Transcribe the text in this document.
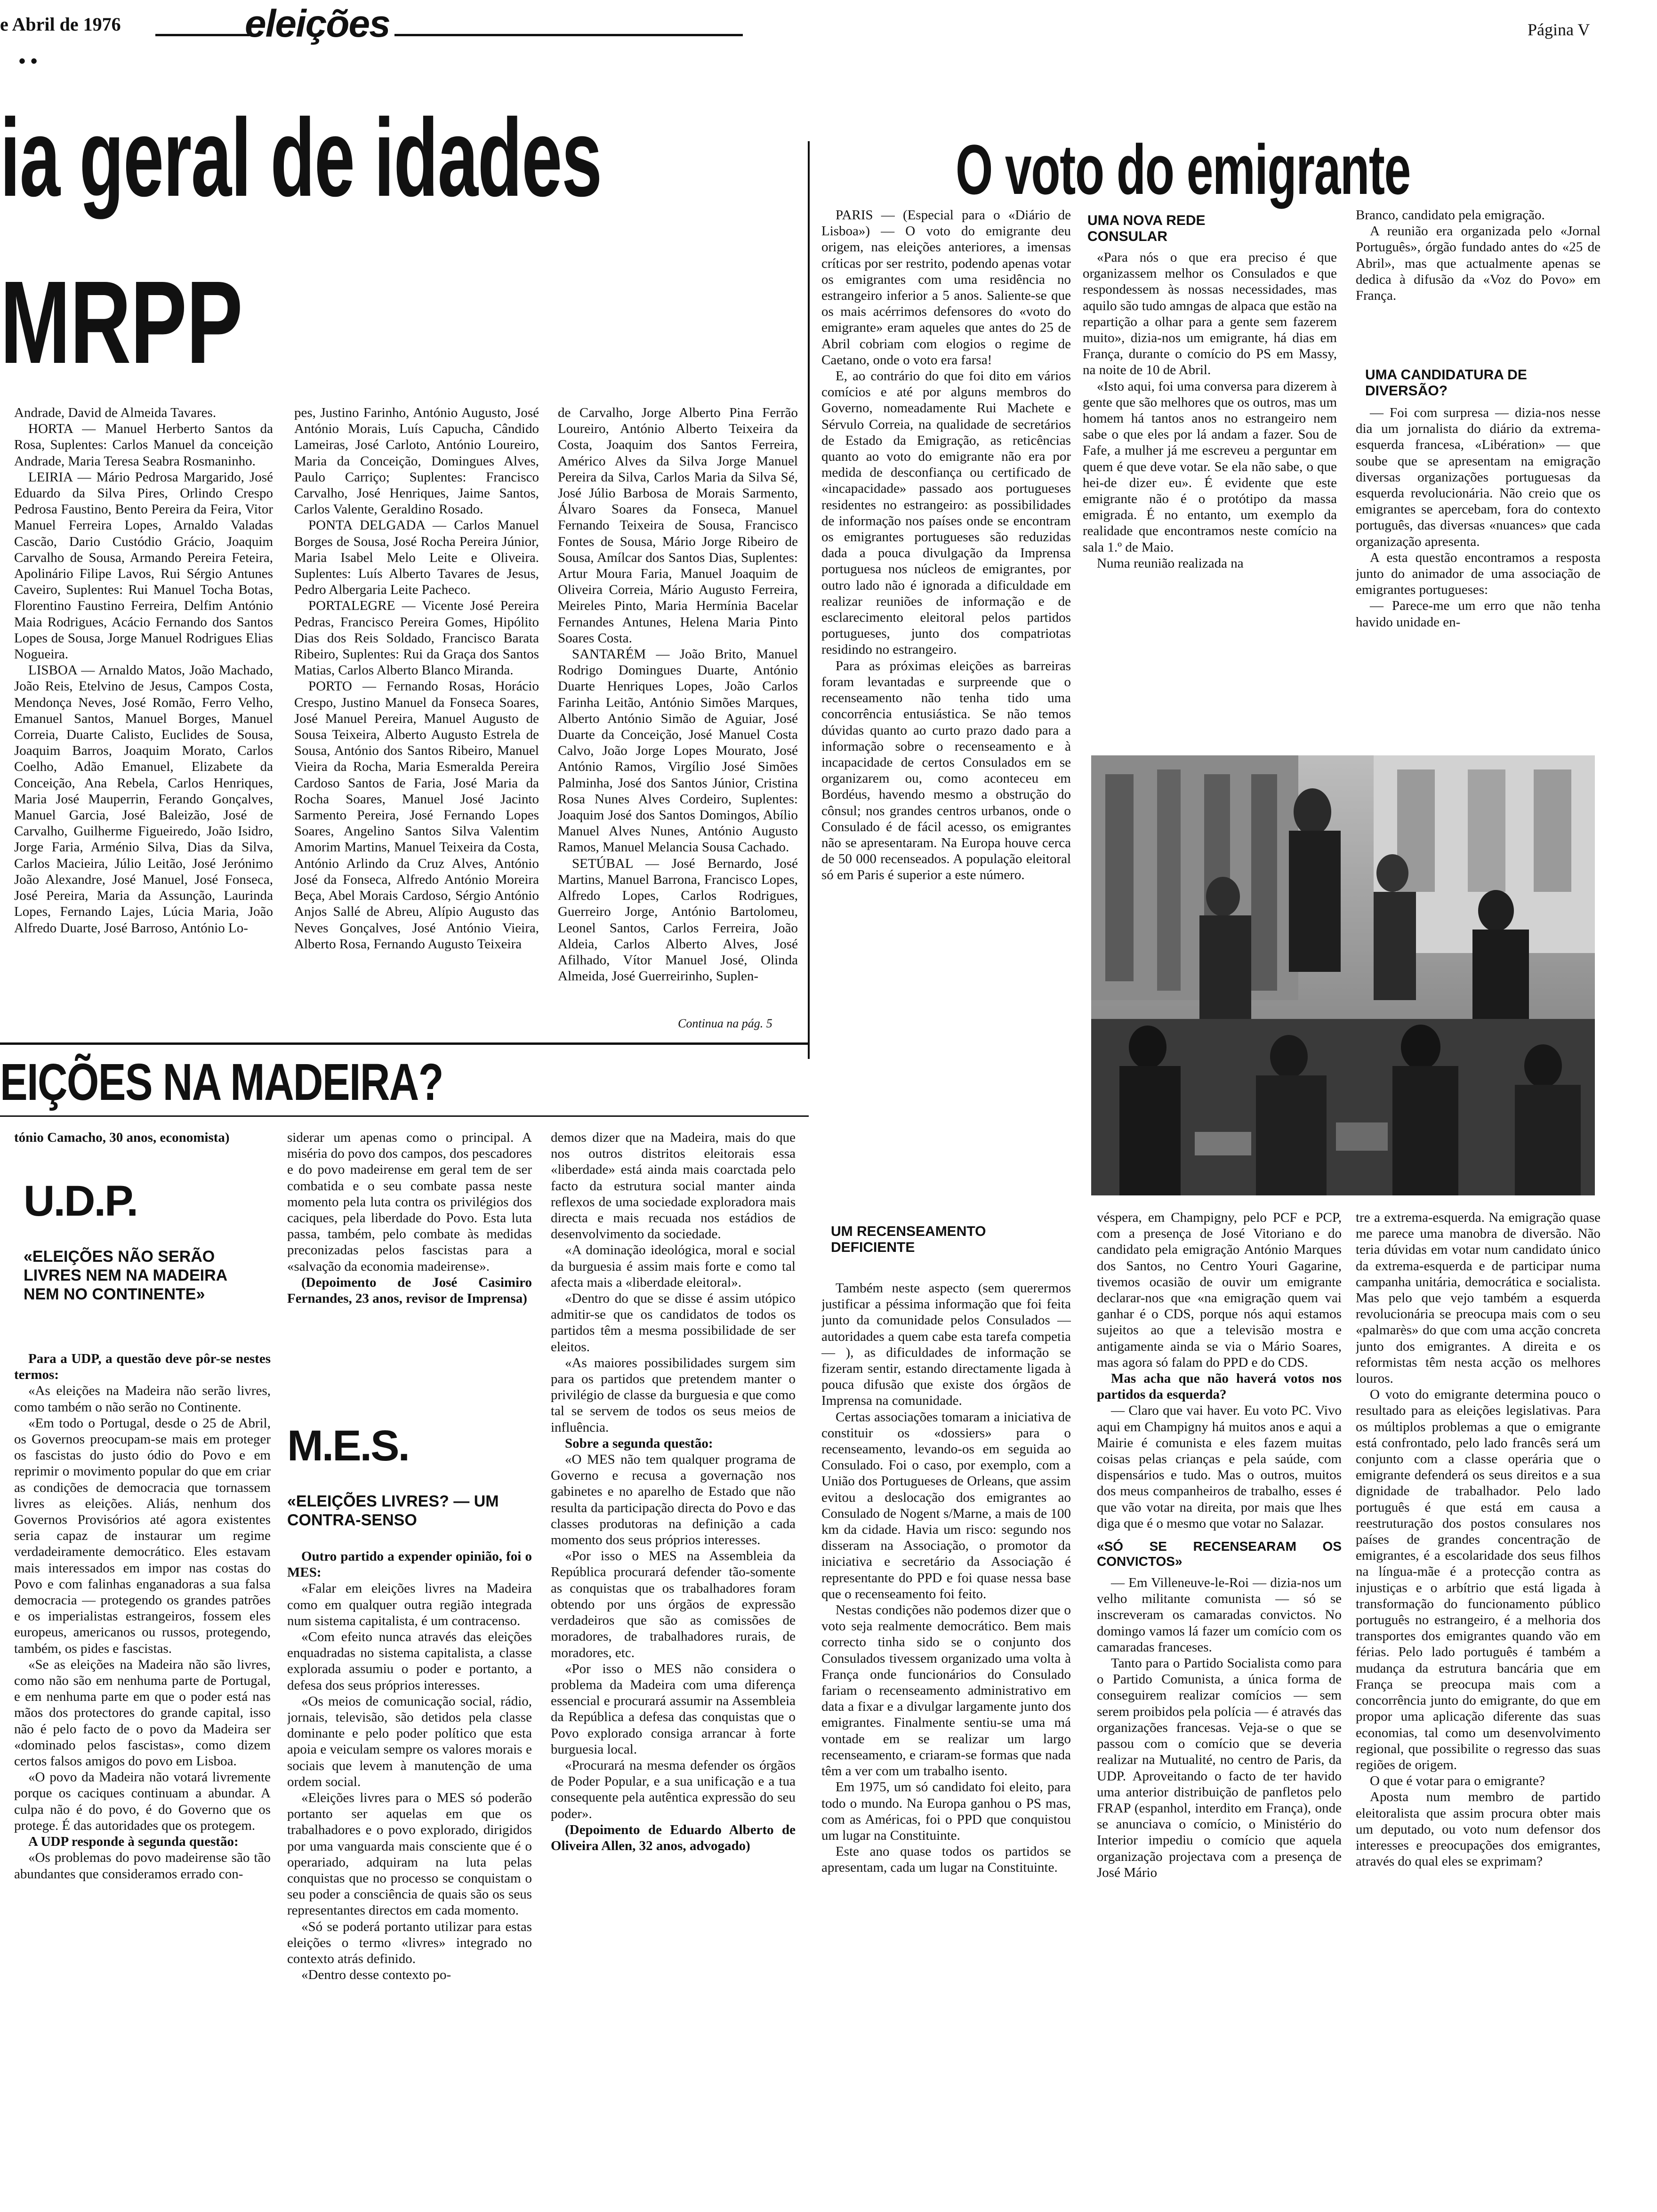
e Abril de 1976	eleições	Página V
• •
ia geral de idades
MRPP

Andrade, David de Almeida Tavares.

HORTA — Manuel Herberto Santos da Rosa, Suplentes: Carlos Manuel da conceição Andrade, Maria Teresa Seabra Rosmaninho.

LEIRIA — Mário Pedrosa Margarido, José Eduardo da Silva Pires, Orlindo Crespo Pedrosa Faustino, Bento Pereira da Feira, Vitor Manuel Ferreira Lopes, Arnaldo Valadas Cascão, Dario Custódio Grácio, Joaquim Carvalho de Sousa, Armando Pereira Feteira, Apolinário Filipe Lavos, Rui Sérgio Antunes Caveiro, Suplentes: Rui Manuel Tocha Botas, Florentino Faustino Ferreira, Delfim António Maia Rodrigues, Acácio Fernando dos Santos Lopes de Sousa, Jorge Manuel Rodrigues Elias Nogueira.

LISBOA — Arnaldo Matos, João Machado, João Reis, Etelvino de Jesus, Campos Costa, Mendonça Neves, José Romão, Ferro Velho, Emanuel Santos, Manuel Borges, Manuel Correia, Duarte Calisto, Euclides de Sousa, Joaquim Barros, Joaquim Morato, Carlos Coelho, Adão Emanuel, Elizabete da Conceição, Ana Rebela, Carlos Henriques, Maria José Mauperrin, Ferando Gonçalves, Manuel Garcia, José Baleizão, José de Carvalho, Guilherme Figueiredo, João Isidro, Jorge Faria, Arménio Silva, Dias da Silva, Carlos Macieira, Júlio Leitão, José Jerónimo João Alexandre, José Manuel, José Fonseca, José Pereira, Maria da Assunção, Laurinda Lopes, Fernando Lajes, Lúcia Maria, João Alfredo Duarte, José Barroso, António Lo-

pes, Justino Farinho, António Augusto, José António Morais, Luís Capucha, Cândido Lameiras, José Carloto, António Loureiro, Maria da Conceição, Domingues Alves, Paulo Carriço; Suplentes: Francisco Carvalho, José Henriques, Jaime Santos, Carlos Valente, Geraldino Rosado.

PONTA DELGADA — Carlos Manuel Borges de Sousa, José Rocha Pereira Júnior, Maria Isabel Melo Leite e Oliveira. Suplentes: Luís Alberto Tavares de Jesus, Pedro Albergaria Leite Pacheco.

PORTALEGRE — Vicente José Pereira Pedras, Francisco Pereira Gomes, Hipólito Dias dos Reis Soldado, Francisco Barata Ribeiro, Suplentes: Rui da Graça dos Santos Matias, Carlos Alberto Blanco Miranda.

PORTO — Fernando Rosas, Horácio Crespo, Justino Manuel da Fonseca Soares, José Manuel Pereira, Manuel Augusto de Sousa Teixeira, Alberto Augusto Estrela de Sousa, António dos Santos Ribeiro, Manuel Vieira da Rocha, Maria Esmeralda Pereira Cardoso Santos de Faria, José Maria da Rocha Soares, Manuel José Jacinto Sarmento Pereira, José Fernando Lopes Soares, Angelino Santos Silva Valentim Amorim Martins, Manuel Teixeira da Costa, António Arlindo da Cruz Alves, António José da Fonseca, Alfredo António Moreira Beça, Abel Morais Cardoso, Sérgio António Anjos Sallé de Abreu, Alípio Augusto das Neves Gonçalves, José António Vieira, Alberto Rosa, Fernando Augusto Teixeira

de Carvalho, Jorge Alberto Pina Ferrão Loureiro, António Alberto Teixeira da Costa, Joaquim dos Santos Ferreira, Américo Alves da Silva Jorge Manuel Pereira da Silva, Carlos Maria da Silva Sé, José Júlio Barbosa de Morais Sarmento, Álvaro Soares da Fonseca, Manuel Fernando Teixeira de Sousa, Francisco Fontes de Sousa, Mário Jorge Ribeiro de Sousa, Amílcar dos Santos Dias, Suplentes: Artur Moura Faria, Manuel Joaquim de Oliveira Correia, Mário Augusto Ferreira, Meireles Pinto, Maria Hermínia Bacelar Fernandes Antunes, Helena Maria Pinto Soares Costa.

SANTARÉM — João Brito, Manuel Rodrigo Domingues Duarte, António Duarte Henriques Lopes, João Carlos Farinha Leitão, António Simões Marques, Alberto António Simão de Aguiar, José Duarte da Conceição, José Manuel Costa Calvo, João Jorge Lopes Mourato, José António Ramos, Virgílio José Simões Palminha, José dos Santos Júnior, Cristina Rosa Nunes Alves Cordeiro, Suplentes: Joaquim José dos Santos Domingos, Abílio Manuel Alves Nunes, António Augusto Ramos, Manuel Melancia Sousa Cachado.

SETÚBAL — José Bernardo, José Martins, Manuel Barrona, Francisco Lopes, Alfredo Lopes, Carlos Rodrigues, Guerreiro Jorge, António Bartolomeu, Leonel Santos, Carlos Ferreira, João Aldeia, Carlos Alberto Alves, José Afilhado, Vítor Manuel José, Olinda Almeida, José Guerreirinho, Suplen-

Continua na pág. 5
EIÇÕES NA MADEIRA?

tónio Camacho, 30 anos, economista)

U.D.P.
«ELEIÇÕES NÃO SERÃO LIVRES NEM NA MADEIRA NEM NO CONTINENTE»

Para a UDP, a questão deve pôr-se nestes termos:

«As eleições na Madeira não serão livres, como também o não serão no Continente.

«Em todo o Portugal, desde o 25 de Abril, os Governos preocupam-se mais em proteger os fascistas do justo ódio do Povo e em reprimir o movimento popular do que em criar as condições de democracia que tornassem livres as eleições. Aliás, nenhum dos Governos Provisórios até agora existentes seria capaz de instaurar um regime verdadeiramente democrático. Eles estavam mais interessados em impor nas costas do Povo e com falinhas enganadoras a sua falsa democracia — protegendo os grandes patrões e os imperialistas estrangeiros, fossem eles europeus, americanos ou russos, protegendo, também, os pides e fascistas.

«Se as eleições na Madeira não são livres, como não são em nenhuma parte de Portugal, e em nenhuma parte em que o poder está nas mãos dos protectores do grande capital, isso não é pelo facto de o povo da Madeira ser «dominado pelos fascistas», como dizem certos falsos amigos do povo em Lisboa.

«O povo da Madeira não votará livremente porque os caciques continuam a abundar. A culpa não é do povo, é do Governo que os protege. É das autoridades que os protegem.

A UDP responde à segunda questão:

«Os problemas do povo madeirense são tão abundantes que consideramos errado con-

siderar um apenas como o principal. A miséria do povo dos campos, dos pescadores e do povo madeirense em geral tem de ser combatida e o seu combate passa neste momento pela luta contra os privilégios dos caciques, pela liberdade do Povo. Esta luta passa, também, pelo combate às medidas preconizadas pelos fascistas para a «salvação da economia madeirense».

(Depoimento de José Casimiro Fernandes, 23 anos, revisor de Imprensa)

M.E.S.
«ELEIÇÕES LIVRES? — UM CONTRA-SENSO

Outro partido a expender opinião, foi o MES:

«Falar em eleições livres na Madeira como em qualquer outra região integrada num sistema capitalista, é um contracenso.

«Com efeito nunca através das eleições enquadradas no sistema capitalista, a classe explorada assumiu o poder e portanto, a defesa dos seus próprios interesses.

«Os meios de comunicação social, rádio, jornais, televisão, são detidos pela classe dominante e pelo poder político que esta apoia e veiculam sempre os valores morais e sociais que levem à manutenção de uma ordem social.

«Eleições livres para o MES só poderão portanto ser aquelas em que os trabalhadores e o povo explorado, dirigidos por uma vanguarda mais consciente que é o operariado, adquiram na luta pelas conquistas que no processo se conquistam o seu poder a consciência de quais são os seus representantes directos em cada momento.

«Só se poderá portanto utilizar para estas eleições o termo «livres» integrado no contexto atrás definido.

«Dentro desse contexto po-

demos dizer que na Madeira, mais do que nos outros distritos eleitorais essa «liberdade» está ainda mais coarctada pelo facto da estrutura social manter ainda reflexos de uma sociedade exploradora mais directa e mais recuada nos estádios de desenvolvimento da sociedade.

«A dominação ideológica, moral e social da burguesia é assim mais forte e como tal afecta mais a «liberdade eleitoral».

«Dentro do que se disse é assim utópico admitir-se que os candidatos de todos os partidos têm a mesma possibilidade de ser eleitos.

«As maiores possibilidades surgem sim para os partidos que pretendem manter o privilégio de classe da burguesia e que como tal se servem de todos os seus meios de influência.

Sobre a segunda questão:

«O MES não tem qualquer programa de Governo e recusa a governação nos gabinetes e no aparelho de Estado que não resulta da participação directa do Povo e das classes produtoras na definição a cada momento dos seus próprios interesses.

«Por isso o MES na Assembleia da República procurará defender tão-somente as conquistas que os trabalhadores foram obtendo por uns órgãos de expressão verdadeiros que são as comissões de moradores, de trabalhadores rurais, de moradores, etc.

«Por isso o MES não considera o problema da Madeira com uma diferença essencial e procurará assumir na Assembleia da República a defesa das conquistas que o Povo explorado consiga arrancar à forte burguesia local.

«Procurará na mesma defender os órgãos de Poder Popular, e a sua unificação e a tua consequente pela autêntica expressão do seu poder».

(Depoimento de Eduardo Alberto de Oliveira Allen, 32 anos, advogado)

O voto do emigrante

PARIS — (Especial para o «Diário de Lisboa») — O voto do emigrante deu origem, nas eleições anteriores, a imensas críticas por ser restrito, podendo apenas votar os emigrantes com uma residência no estrangeiro inferior a 5 anos. Saliente-se que os mais acérrimos defensores do «voto do emigrante» eram aqueles que antes do 25 de Abril cobriam com elogios o regime de Caetano, onde o voto era farsa!

E, ao contrário do que foi dito em vários comícios e até por alguns membros do Governo, nomeadamente Rui Machete e Sérvulo Correia, na qualidade de secretários de Estado da Emigração, as reticências quanto ao voto do emigrante não era por medida de desconfiança ou certificado de «incapacidade» passado aos portugueses residentes no estrangeiro: as possibilidades de informação nos países onde se encontram os emigrantes portugueses são reduzidas dada a pouca divulgação da Imprensa portuguesa nos núcleos de emigrantes, por outro lado não é ignorada a dificuldade em realizar reuniões de informação e de esclarecimento eleitoral pelos partidos portugueses, junto dos compatriotas residindo no estrangeiro.

Para as próximas eleições as barreiras foram levantadas e surpreende que o recenseamento não tenha tido uma concorrência entusiástica. Se não temos dúvidas quanto ao curto prazo dado para a informação sobre o recenseamento e à incapacidade de certos Consulados em se organizarem ou, como aconteceu em Bordéus, havendo mesmo a obstrução do cônsul; nos grandes centros urbanos, onde o Consulado é de fácil acesso, os emigrantes não se apresentaram. Na Europa houve cerca de 50 000 recenseados. A população eleitoral só em Paris é superior a este número.

UM RECENSEAMENTO DEFICIENTE

Também neste aspecto (sem querermos justificar a péssima informação que foi feita junto da comunidade pelos Consulados — autoridades a quem cabe esta tarefa competia — ), as dificuldades de informação se fizeram sentir, estando directamente ligada à pouca difusão que existe dos órgãos de Imprensa na comunidade.

Certas associações tomaram a iniciativa de constituir os «dossiers» para o recenseamento, levando-os em seguida ao Consulado. Foi o caso, por exemplo, com a União dos Portugueses de Orleans, que assim evitou a deslocação dos emigrantes ao Consulado de Nogent s/Marne, a mais de 100 km da cidade. Havia um risco: segundo nos disseram na Associação, o promotor da iniciativa e secretário da Associação é representante do PPD e foi quase nessa base que o recenseamento foi feito.

Nestas condições não podemos dizer que o voto seja realmente democrático. Bem mais correcto tinha sido se o conjunto dos Consulados tivessem organizado uma volta à França onde funcionários do Consulado fariam o recenseamento administrativo em data a fixar e a divulgar largamente junto dos emigrantes. Finalmente sentiu-se uma má vontade em se realizar um largo recenseamento, e criaram-se formas que nada têm a ver com um trabalho isento.

Em 1975, um só candidato foi eleito, para todo o mundo. Na Europa ganhou o PS mas, com as Américas, foi o PPD que conquistou um lugar na Constituinte.

Este ano quase todos os partidos se apresentam, cada um lugar na Constituinte.

UMA NOVA REDE CONSULAR

«Para nós o que era preciso é que organizassem melhor os Consulados e que respondessem às nossas necessidades, mas aquilo são tudo amngas de alpaca que estão na repartição a olhar para a gente sem fazerem muito», dizia-nos um emigrante, há dias em França, durante o comício do PS em Massy, na noite de 10 de Abril.

«Isto aqui, foi uma conversa para dizerem à gente que são melhores que os outros, mas um homem há tantos anos no estrangeiro nem sabe o que eles por lá andam a fazer. Sou de Fafe, a mulher já me escreveu a perguntar em quem é que deve votar. Se ela não sabe, o que hei-de dizer eu». É evidente que este emigrante não é o protótipo da massa emigrada. É no entanto, um exemplo da realidade que encontramos neste comício na sala 1.º de Maio.

Numa reunião realizada na

Branco, candidato pela emigração.

A reunião era organizada pelo «Jornal Português», órgão fundado antes do «25 de Abril», mas que actualmente apenas se dedica à difusão da «Voz do Povo» em França.

UMA CANDIDATURA DE DIVERSÃO?

— Foi com surpresa — dizia-nos nesse dia um jornalista do diário da extrema-esquerda francesa, «Libération» — que soube que se apresentam na emigração diversas organizações portuguesas da esquerda revolucionária. Não creio que os emigrantes se apercebam, fora do contexto português, das diversas «nuances» que cada organização apresenta.

A esta questão encontramos a resposta junto do animador de uma associação de emigrantes portugueses:

— Parece-me um erro que não tenha havido unidade en-

véspera, em Champigny, pelo PCF e PCP, com a presença de José Vitoriano e do candidato pela emigração António Marques dos Santos, no Centro Youri Gagarine, tivemos ocasião de ouvir um emigrante declarar-nos que «na emigração quem vai ganhar é o CDS, porque nós aqui estamos sujeitos ao que a televisão mostra e antigamente ainda se via o Mário Soares, mas agora só falam do PPD e do CDS.

Mas acha que não haverá votos nos partidos da esquerda?

— Claro que vai haver. Eu voto PC. Vivo aqui em Champigny há muitos anos e aqui a Mairie é comunista e eles fazem muitas coisas pelas crianças e pela saúde, com dispensários e tudo. Mas o outros, muitos dos meus companheiros de trabalho, esses é que vão votar na direita, por mais que lhes diga que é o mesmo que votar no Salazar.

«SÓ SE RECENSEARAM OS CONVICTOS»

— Em Villeneuve-le-Roi — dizia-nos um velho militante comunista — só se inscreveram os camaradas convictos. No domingo vamos lá fazer um comício com os camaradas franceses.

Tanto para o Partido Socialista como para o Partido Comunista, a única forma de conseguirem realizar comícios — sem serem proibidos pela polícia — é através das organizações francesas. Veja-se o que se passou com o comício que se deveria realizar na Mutualité, no centro de Paris, da UDP. Aproveitando o facto de ter havido uma anterior distribuição de panfletos pelo FRAP (espanhol, interdito em França), onde se anunciava o comício, o Ministério do Interior impediu o comício que aquela organização projectava com a presença de José Mário

tre a extrema-esquerda. Na emigração quase me parece uma manobra de diversão. Não teria dúvidas em votar num candidato único da extrema-esquerda e de participar numa campanha unitária, democrática e socialista. Mas pelo que vejo também a esquerda revolucionária se preocupa mais com o seu «palmarès» do que com uma acção concreta junto dos emigrantes. A direita e os reformistas têm nesta acção os melhores louros.

O voto do emigrante determina pouco o resultado para as eleições legislativas. Para os múltiplos problemas a que o emigrante está confrontado, pelo lado francês será um conjunto com a classe operária que o emigrante defenderá os seus direitos e a sua dignidade de trabalhador. Pelo lado português é que está em causa a reestruturação dos postos consulares nos países de grandes concentração de emigrantes, é a escolaridade dos seus filhos na língua-mãe é a protecção contra as injustiças e o arbítrio que está ligada à transformação do funcionamento público português no estrangeiro, é a melhoria dos transportes dos emigrantes quando vão em férias. Pelo lado português é também a mudança da estrutura bancária que em França se preocupa mais com a concorrência junto do emigrante, do que em propor uma aplicação diferente das suas economias, tal como um desenvolvimento regional, que possibilite o regresso das suas regiões de origem.

O que é votar para o emigrante?

Aposta num membro de partido eleitoralista que assim procura obter mais um deputado, ou voto num defensor dos interesses e preocupações dos emigrantes, através do qual eles se exprimam?
